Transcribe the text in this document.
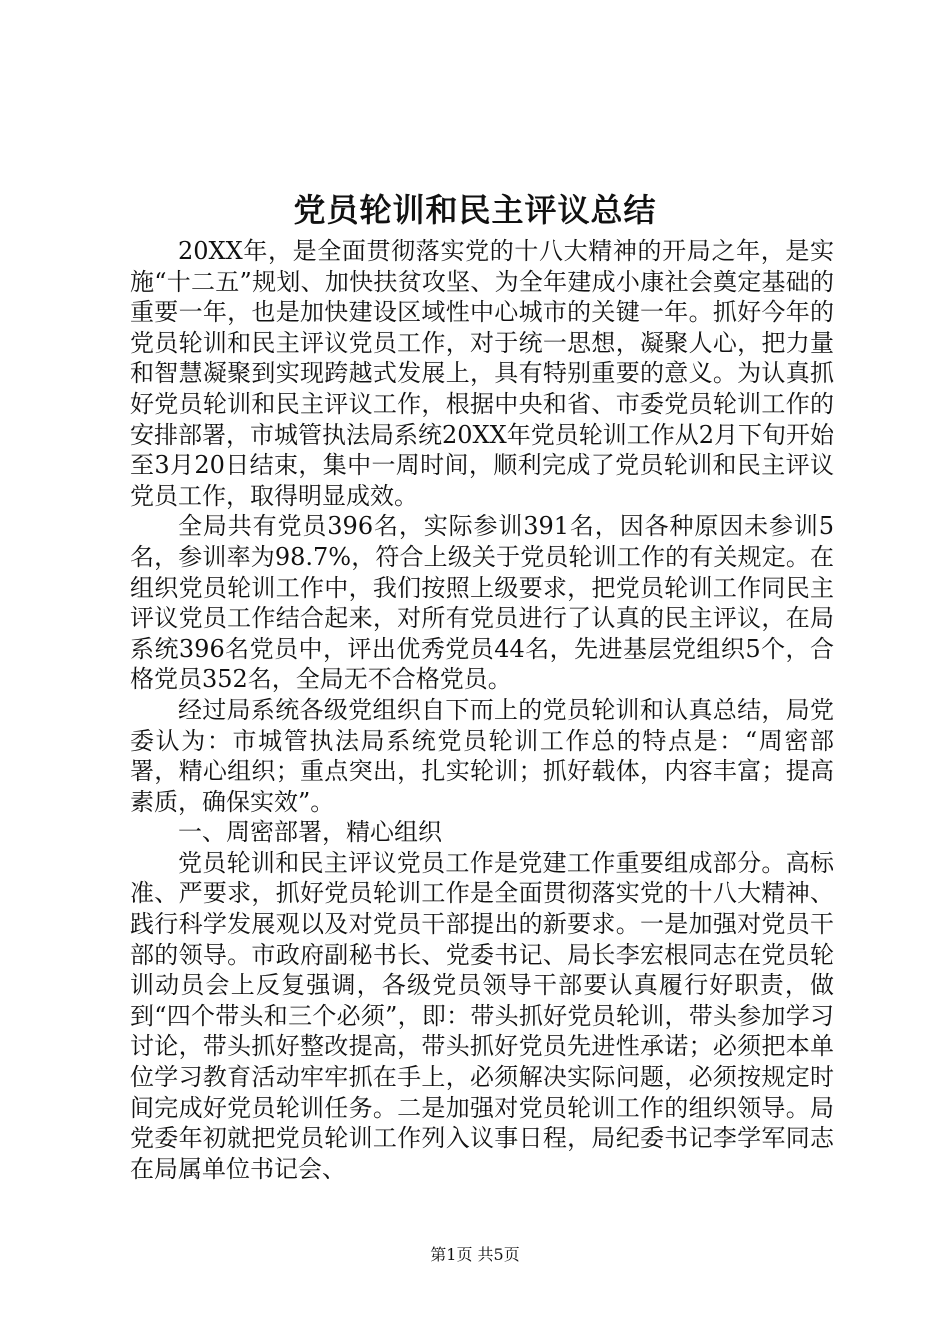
党员轮训和民主评议总结

20XX年，是全面贯彻落实党的十八大精神的开局之年，是实施“十二五”规划、加快扶贫攻坚、为全年建成小康社会奠定基础的重要一年，也是加快建设区域性中心城市的关键一年。抓好今年的党员轮训和民主评议党员工作，对于统一思想，凝聚人心，把力量和智慧凝聚到实现跨越式发展上，具有特别重要的意义。为认真抓好党员轮训和民主评议工作，根据中央和省、市委党员轮训工作的安排部署，市城管执法局系统20XX年党员轮训工作从2月下旬开始至3月20日结束，集中一周时间，顺利完成了党员轮训和民主评议党员工作，取得明显成效。

全局共有党员396名，实际参训391名，因各种原因未参训5名，参训率为98.7%，符合上级关于党员轮训工作的有关规定。在组织党员轮训工作中，我们按照上级要求，把党员轮训工作同民主评议党员工作结合起来，对所有党员进行了认真的民主评议，在局系统396名党员中，评出优秀党员44名，先进基层党组织5个，合格党员352名，全局无不合格党员。

经过局系统各级党组织自下而上的党员轮训和认真总结，局党委认为：市城管执法局系统党员轮训工作总的特点是：“周密部署，精心组织；重点突出，扎实轮训；抓好载体，内容丰富；提高素质，确保实效”。

一、周密部署，精心组织

党员轮训和民主评议党员工作是党建工作重要组成部分。高标准、严要求，抓好党员轮训工作是全面贯彻落实党的十八大精神、践行科学发展观以及对党员干部提出的新要求。一是加强对党员干部的领导。市政府副秘书长、党委书记、局长李宏根同志在党员轮训动员会上反复强调，各级党员领导干部要认真履行好职责，做到“四个带头和三个必须”，即：带头抓好党员轮训，带头参加学习讨论，带头抓好整改提高，带头抓好党员先进性承诺；必须把本单位学习教育活动牢牢抓在手上，必须解决实际问题，必须按规定时间完成好党员轮训任务。二是加强对党员轮训工作的组织领导。局党委年初就把党员轮训工作列入议事日程，局纪委书记李学军同志在局属单位书记会、

第1页 共5页
